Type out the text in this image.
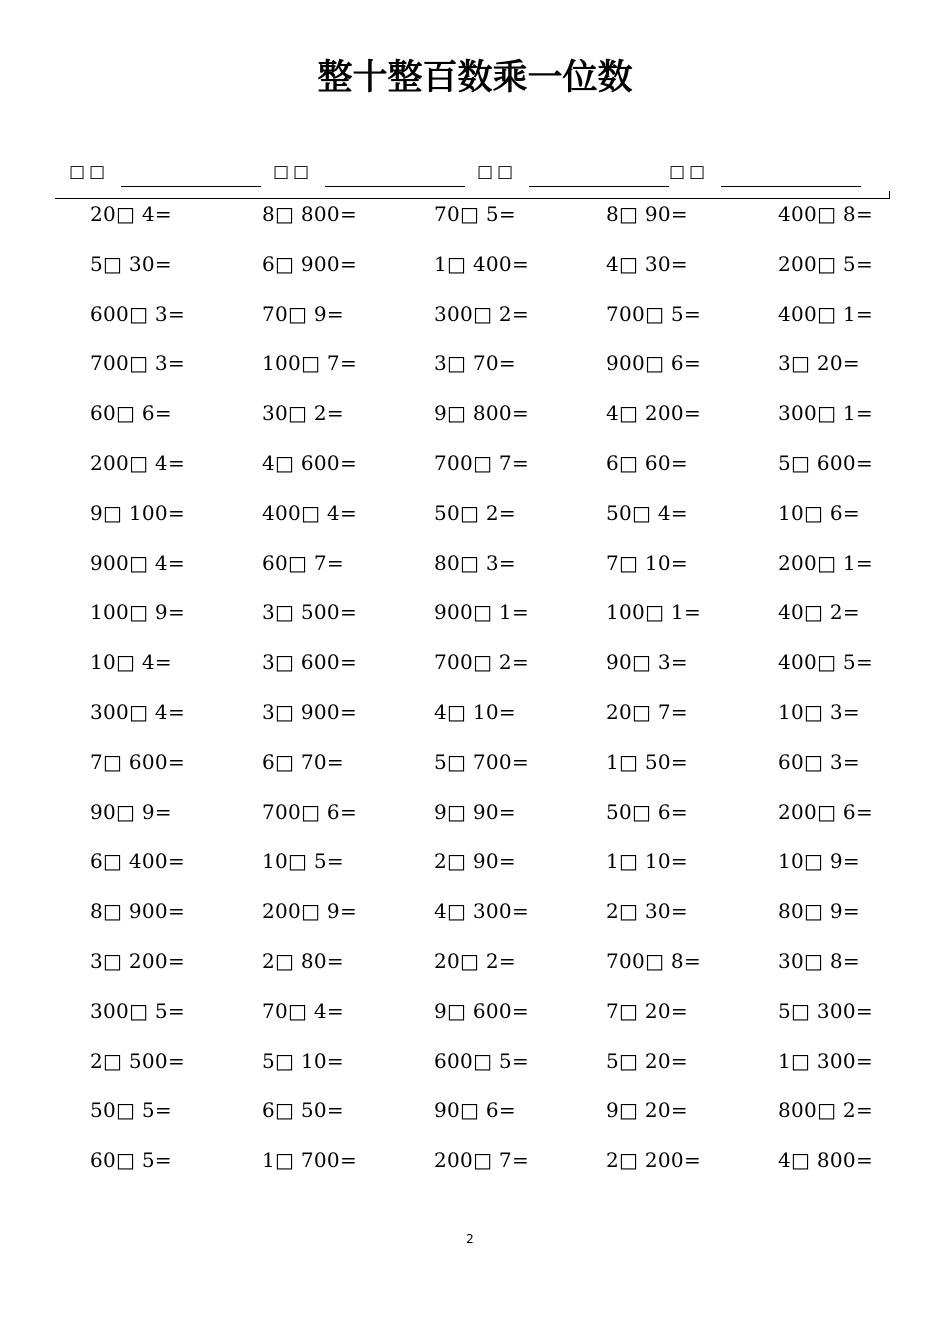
整十整百数乘一位数
□□	□□	□□	□□
20□ 4=	8□ 800=	70□ 5=	8□ 90=	400□ 8=
5□ 30=	6□ 900=	1□ 400=	4□ 30=	200□ 5=
600□ 3=	70□ 9=	300□ 2=	700□ 5=	400□ 1=
700□ 3=	100□ 7=	3□ 70=	900□ 6=	3□ 20=
60□ 6=	30□ 2=	9□ 800=	4□ 200=	300□ 1=
200□ 4=	4□ 600=	700□ 7=	6□ 60=	5□ 600=
9□ 100=	400□ 4=	50□ 2=	50□ 4=	10□ 6=
900□ 4=	60□ 7=	80□ 3=	7□ 10=	200□ 1=
100□ 9=	3□ 500=	900□ 1=	100□ 1=	40□ 2=
10□ 4=	3□ 600=	700□ 2=	90□ 3=	400□ 5=
300□ 4=	3□ 900=	4□ 10=	20□ 7=	10□ 3=
7□ 600=	6□ 70=	5□ 700=	1□ 50=	60□ 3=
90□ 9=	700□ 6=	9□ 90=	50□ 6=	200□ 6=
6□ 400=	10□ 5=	2□ 90=	1□ 10=	10□ 9=
8□ 900=	200□ 9=	4□ 300=	2□ 30=	80□ 9=
3□ 200=	2□ 80=	20□ 2=	700□ 8=	30□ 8=
300□ 5=	70□ 4=	9□ 600=	7□ 20=	5□ 300=
2□ 500=	5□ 10=	600□ 5=	5□ 20=	1□ 300=
50□ 5=	6□ 50=	90□ 6=	9□ 20=	800□ 2=
60□ 5=	1□ 700=	200□ 7=	2□ 200=	4□ 800=
2
